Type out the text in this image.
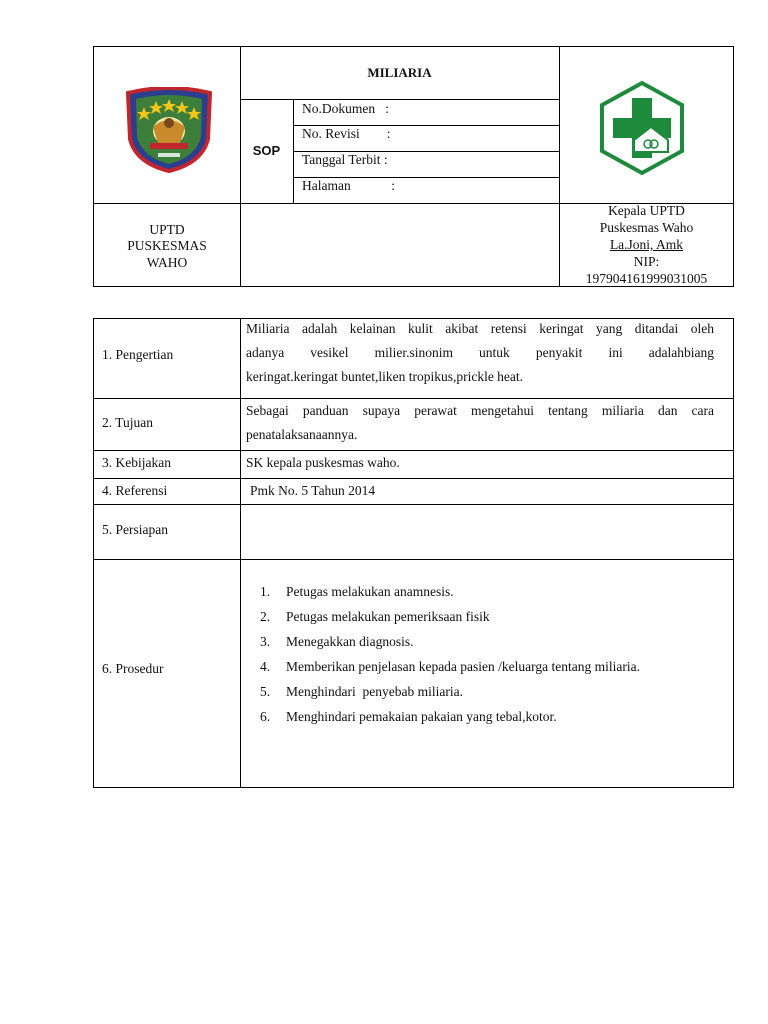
MILIARIA
SOP
No.Dokumen   :
No. Revisi        :
Tanggal Terbit :
Halaman            :
UPTD
PUSKESMAS
WAHO
Kepala UPTD
Puskesmas Waho
La.Joni, Amk
NIP:
197904161999031005
1. Pengertian
Miliaria adalah kelainan kulit akibat retensi keringat yang ditandai oleh
adanya vesikel milier.sinonim untuk penyakit ini adalahbiang
keringat.keringat buntet,liken tropikus,prickle heat.
2. Tujuan
Sebagai panduan supaya perawat mengetahui tentang miliaria dan cara
penatalaksanaannya.
3. Kebijakan	SK kepala puskesmas waho.
4. Referensi	Pmk No. 5 Tahun 2014
5. Persiapan
6. Prosedur
1. Petugas melakukan anamnesis.
2. Petugas melakukan pemeriksaan fisik
3. Menegakkan diagnosis.
4. Memberikan penjelasan kepada pasien /keluarga tentang miliaria.
5. Menghindari  penyebab miliaria.
6. Menghindari pemakaian pakaian yang tebal,kotor.
